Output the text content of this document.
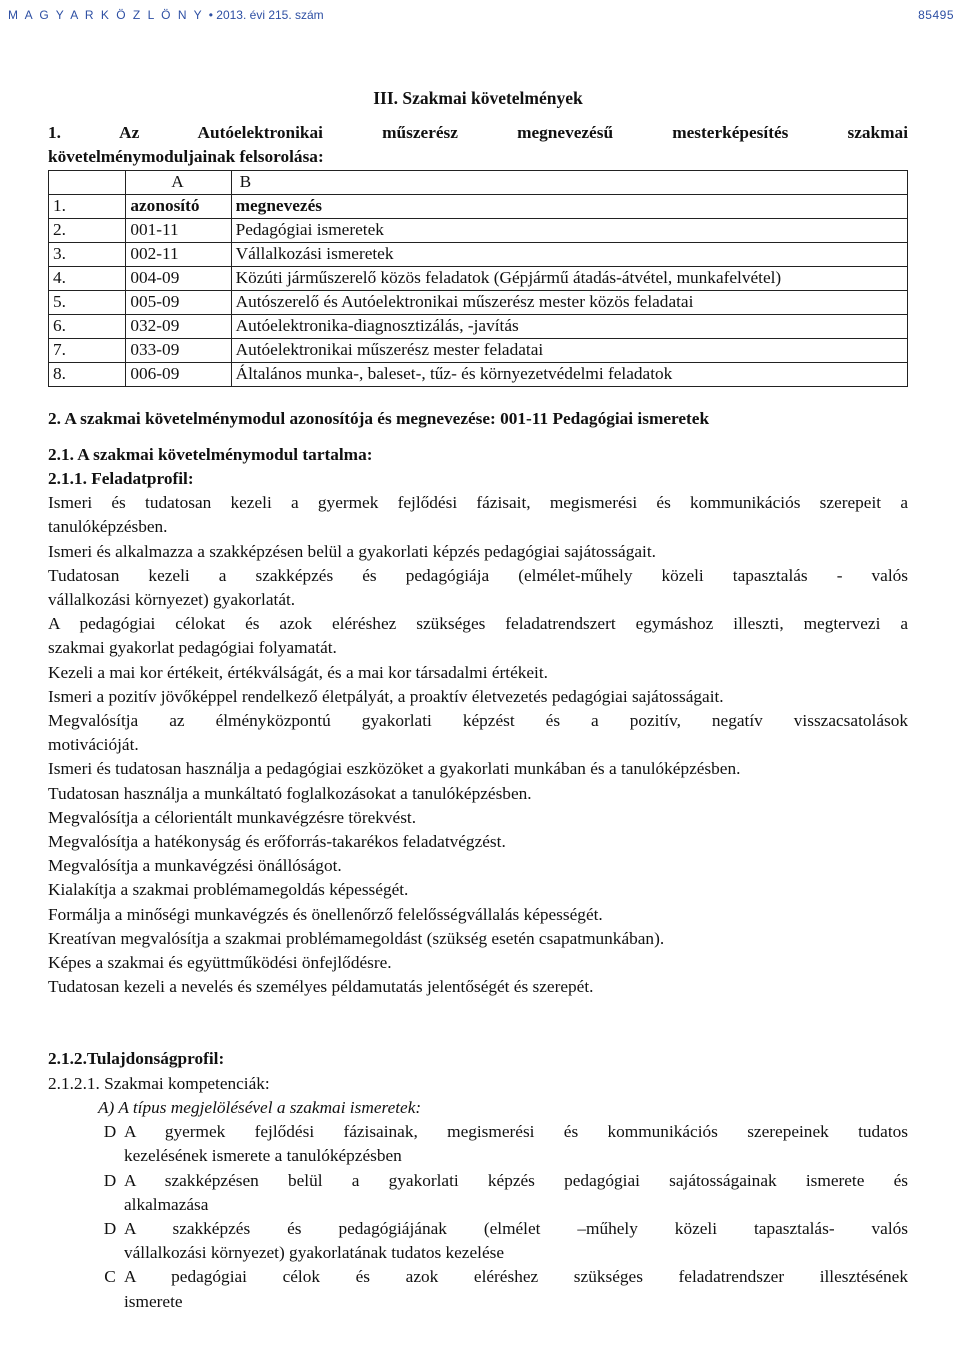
M A G Y A R K Ö Z L Ö N Y • 2013. évi 215. szám	85495

III. Szakmai követelmények

1. Az Autóelektronikai műszerész megnevezésű mesterképesítés szakmai

követelménymoduljainak felsorolása:

	A	B
1.	azonosító	megnevezés
2.	001-11	Pedagógiai ismeretek
3.	002-11	Vállalkozási ismeretek
4.	004-09	Közúti járműszerelő közös feladatok (Gépjármű átadás-átvétel, munkafelvétel)
5.	005-09	Autószerelő és Autóelektronikai műszerész mester közös feladatai
6.	032-09	Autóelektronika-diagnosztizálás, -javítás
7.	033-09	Autóelektronikai műszerész mester feladatai
8.	006-09	Általános munka-, baleset-, tűz- és környezetvédelmi feladatok

2. A szakmai követelménymodul azonosítója és megnevezése: 001-11 Pedagógiai ismeretek

2.1. A szakmai követelménymodul tartalma:

2.1.1. Feladatprofil:

Ismeri és tudatosan kezeli a gyermek fejlődési fázisait, megismerési és kommunikációs szerepeit a
tanulóképzésben.

Ismeri és alkalmazza a szakképzésen belül a gyakorlati képzés pedagógiai sajátosságait.

Tudatosan kezeli a szakképzés és pedagógiája (elmélet-műhely közeli tapasztalás - valós
vállalkozási környezet) gyakorlatát.

A pedagógiai célokat és azok eléréshez szükséges feladatrendszert egymáshoz illeszti, megtervezi a
szakmai gyakorlat pedagógiai folyamatát.

Kezeli a mai kor értékeit, értékválságát, és a mai kor társadalmi értékeit.

Ismeri a pozitív jövőképpel rendelkező életpályát, a proaktív életvezetés pedagógiai sajátosságait.

Megvalósítja az élményközpontú gyakorlati képzést és a pozitív, negatív visszacsatolások
motivációját.

Ismeri és tudatosan használja a pedagógiai eszközöket a gyakorlati munkában és a tanulóképzésben.

Tudatosan használja a munkáltató foglalkozásokat a tanulóképzésben.

Megvalósítja a célorientált munkavégzésre törekvést.

Megvalósítja a hatékonyság és erőforrás-takarékos feladatvégzést.

Megvalósítja a munkavégzési önállóságot.

Kialakítja a szakmai problémamegoldás képességét.

Formálja a minőségi munkavégzés és önellenőrző felelősségvállalás képességét.

Kreatívan megvalósítja a szakmai problémamegoldást (szükség esetén csapatmunkában).

Képes a szakmai és együttműködési önfejlődésre.

Tudatosan kezeli a nevelés és személyes példamutatás jelentőségét és szerepét.

2.1.2.Tulajdonságprofil:

2.1.2.1. Szakmai kompetenciák:

A) A típus megjelölésével a szakmai ismeretek:

D A gyermek fejlődési fázisainak, megismerési és kommunikációs szerepeinek tudatos
kezelésének ismerete a tanulóképzésben
D A szakképzésen belül a gyakorlati képzés pedagógiai sajátosságainak ismerete és
alkalmazása
D A szakképzés és pedagógiájának (elmélet –műhely közeli tapasztalás- valós
vállalkozási környezet) gyakorlatának tudatos kezelése
C A pedagógiai célok és azok eléréshez szükséges feladatrendszer illesztésének
ismerete
